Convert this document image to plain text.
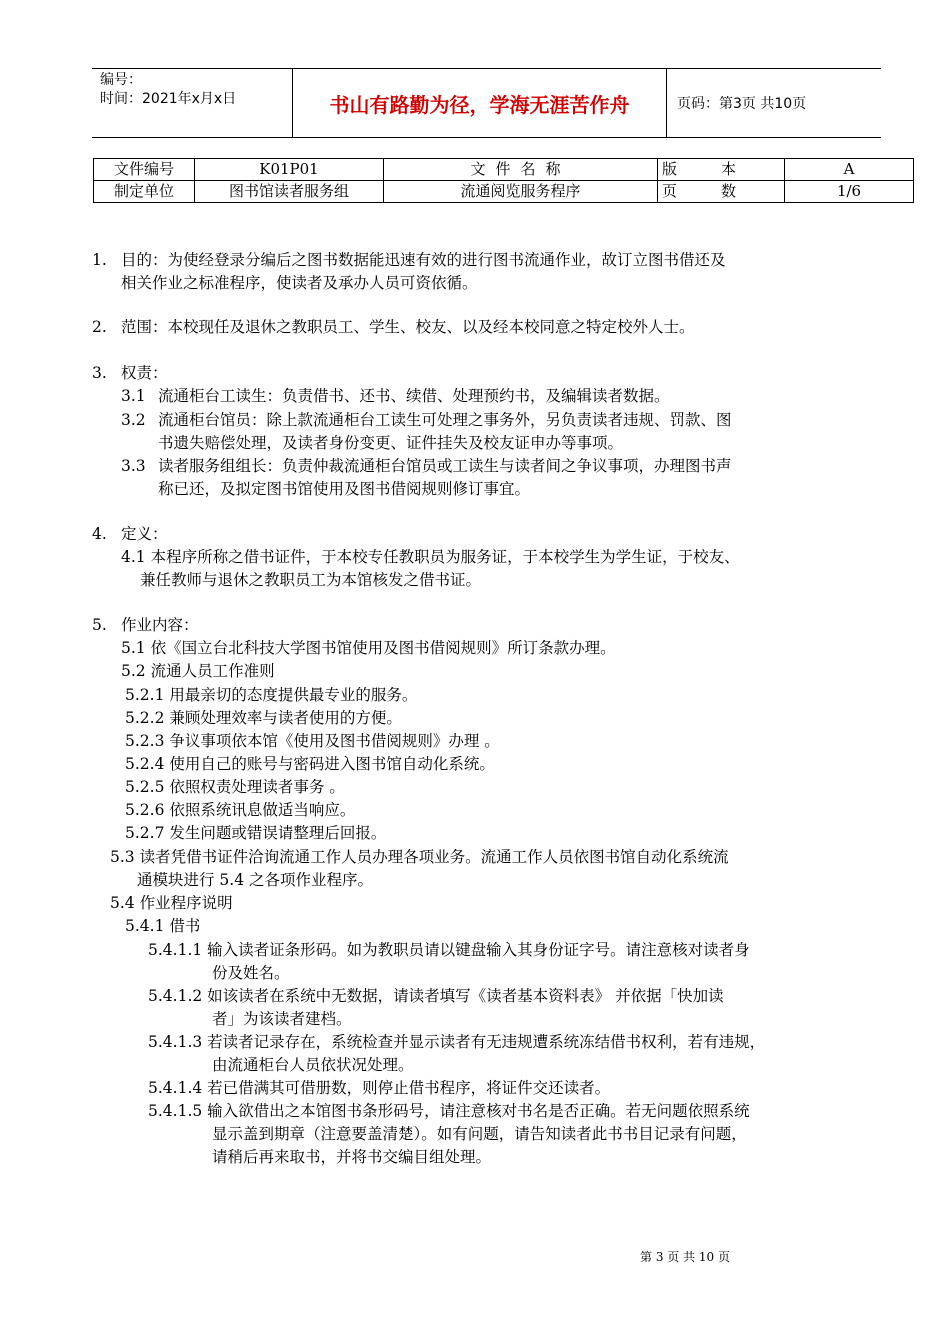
编号：
时间：2021年x月x日	书山有路勤为径，学海无涯苦作舟	页码：第3页 共10页
文件编号	K01P01	文件名称	版本	A
制定单位	图书馆读者服务组	流通阅览服务程序	页数	1/6
1. 目的：为使经登录分编后之图书数据能迅速有效的进行图书流通作业，故订立图书借还及
相关作业之标准程序，使读者及承办人员可资依循。
2. 范围：本校现任及退休之教职员工、学生、校友、以及经本校同意之特定校外人士。
3. 权责：
3.1 流通柜台工读生：负责借书、还书、续借、处理预约书，及编辑读者数据。
3.2 流通柜台馆员：除上款流通柜台工读生可处理之事务外，另负责读者违规、罚款、图
书遗失赔偿处理，及读者身份变更、证件挂失及校友证申办等事项。
3.3 读者服务组组长：负责仲裁流通柜台馆员或工读生与读者间之争议事项，办理图书声
称已还，及拟定图书馆使用及图书借阅规则修订事宜。
4. 定义：
4.1 本程序所称之借书证件，于本校专任教职员为服务证，于本校学生为学生证，于校友、
兼任教师与退休之教职员工为本馆核发之借书证。
5. 作业内容：
5.1 依《国立台北科技大学图书馆使用及图书借阅规则》所订条款办理。
5.2 流通人员工作准则
5.2.1 用最亲切的态度提供最专业的服务。
5.2.2 兼顾处理效率与读者使用的方便。
5.2.3 争议事项依本馆《使用及图书借阅规则》办理 。
5.2.4 使用自己的账号与密码进入图书馆自动化系统。
5.2.5 依照权责处理读者事务 。
5.2.6 依照系统讯息做适当响应。
5.2.7 发生问题或错误请整理后回报。
5.3 读者凭借书证件洽询流通工作人员办理各项业务。流通工作人员依图书馆自动化系统流
通模块进行 5.4 之各项作业程序。
5.4 作业程序说明
5.4.1 借书
5.4.1.1 输入读者证条形码。如为教职员请以键盘输入其身份证字号。请注意核对读者身
份及姓名。
5.4.1.2 如该读者在系统中无数据，请读者填写《读者基本资料表》 并依据「快加读
者」为该读者建档。
5.4.1.3 若读者记录存在，系统检查并显示读者有无违规遭系统冻结借书权利，若有违规，
由流通柜台人员依状况处理。
5.4.1.4 若已借满其可借册数，则停止借书程序，将证件交还读者。
5.4.1.5 输入欲借出之本馆图书条形码号，请注意核对书名是否正确。若无问题依照系统
显示盖到期章（注意要盖清楚）。如有问题，请告知读者此书书目记录有问题，
请稍后再来取书，并将书交编目组处理。
第 3 页 共 10 页
